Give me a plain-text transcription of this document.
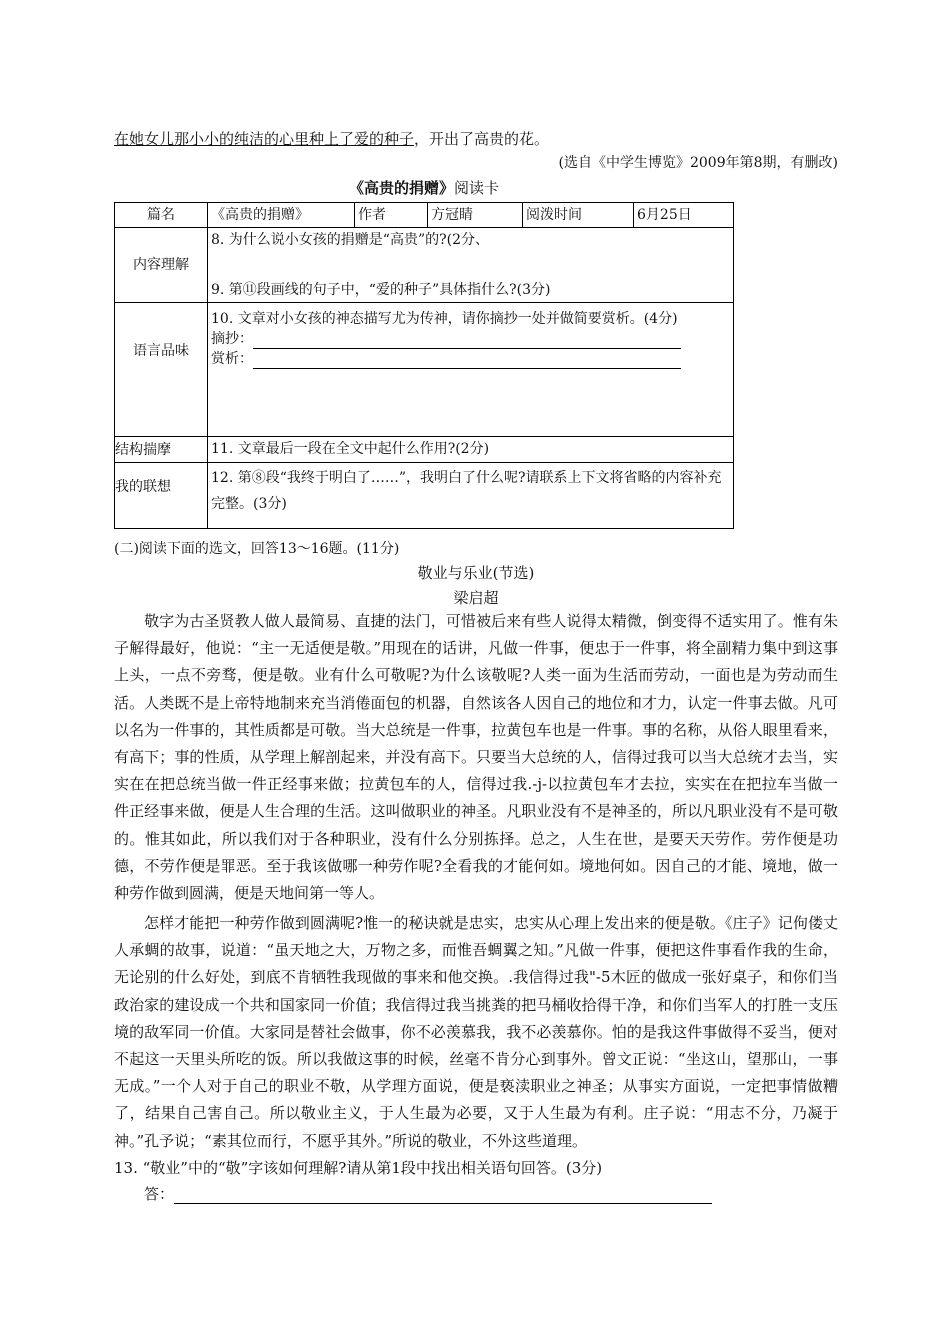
在她女儿那小小的纯洁的心里种上了爱的种子，开出了高贵的花。
(选自《中学生博览》2009年第8期，有删改)
《高贵的捐赠》阅读卡
篇名	《高贵的捐赠》	作者	方冠睛	阅泼时间	6月25日
内容理解	8. 为什么说小女孩的捐赠是“高贵”的?(2分、				
	9. 第⑪段画线的句子中，“爱的种子”具体指什么?(3分)				
语言品味	10. 文章对小女孩的神态描写尤为传神，请你摘抄一处并做简要赏析。(4分)
摘抄：
赏析：				

结构揣摩	11. 文章最后一段在全文中起什么作用?(2分)				
我的联想	12. 第⑧段“我终于明白了……”，我明白了什么呢?请联系上下文将省略的内容补充完整。(3分)				
(二)阅读下面的选文，回答13～16题。(11分)
敬业与乐业(节选)
梁启超
敬字为古圣贤教人做人最简易、直捷的法门，可惜被后来有些人说得太精微，倒变得不适实用了。惟有朱子解得最好，他说：“主一无适便是敬。”用现在的话讲，凡做一件事，便忠于一件事，将全副精力集中到这事上头，一点不旁骛，便是敬。业有什么可敬呢?为什么该敬呢?人类一面为生活而劳动，一面也是为劳动而生活。人类既不是上帝特地制来充当消倦面包的机器，自然该各人因自己的地位和才力，认定一件事去做。凡可以名为一件事的，其性质都是可敬。当大总统是一件事，拉黄包车也是一件事。事的名称，从俗人眼里看来，有高下；事的性质，从学理上解剖起来，并没有高下。只要当大总统的人，信得过我可以当大总统才去当，实实在在把总统当做一件正经事来做；拉黄包车的人，信得过我.-j-以拉黄包车才去拉，实实在在把拉车当做一件正经事来做，便是人生合理的生活。这叫做职业的神圣。凡职业没有不是神圣的，所以凡职业没有不是可敬的。惟其如此，所以我们对于各种职业，没有什么分别拣择。总之，人生在世，是要天天劳作。劳作便是功德，不劳作便是罪恶。至于我该做哪一种劳作呢?全看我的才能何如。境地何如。因自己的才能、境地，做一种劳作做到圆满，便是天地间第一等人。
怎样才能把一种劳作做到圆满呢?惟一的秘诀就是忠实，忠实从心理上发出来的便是敬。《庄子》记佝偻丈人承蜩的故事，说道：“虽天地之大，万物之多，而惟吾蜩翼之知。”凡做一件事，便把这件事看作我的生命，无论别的什么好处，到底不肯牺牲我现做的事来和他交换。.我信得过我"-5木匠的做成一张好桌子，和你们当政治家的建设成一个共和国家同一价值；我信得过我当挑粪的把马桶收拾得干净，和你们当军人的打胜一支压境的敌军同一价值。大家同是替社会做事，你不必羡慕我，我不必羡慕你。怕的是我这件事做得不妥当，便对不起这一天里头所吃的饭。所以我做这事的时候，丝毫不肯分心到事外。曾文正说：“坐这山，望那山，一事无成。”一个人对于自己的职业不敬，从学理方面说，便是亵渎职业之神圣；从事实方面说，一定把事情做糟了，结果自己害自己。所以敬业主义，于人生最为必要，又于人生最为有利。庄子说：“用志不分，乃凝于神。”孔予说；“素其位而行，不愿乎其外。”所说的敬业，不外这些道理。
13. “敬业”中的“敬”字该如何理解?请从第1段中找出相关语句回答。(3分)
答：
